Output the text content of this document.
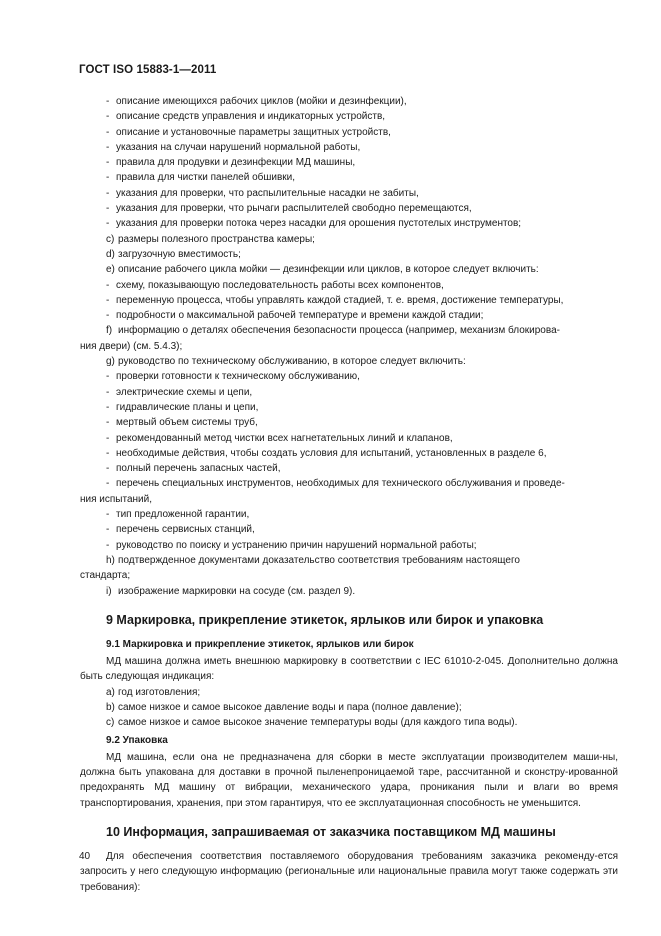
ГОСТ ISO 15883-1—2011

- описание имеющихся рабочих циклов (мойки и дезинфекции),

- описание средств управления и индикаторных устройств,

- описание и установочные параметры защитных устройств,

- указания на случаи нарушений нормальной работы,

- правила для продувки и дезинфекции МД машины,

- правила для чистки панелей обшивки,

- указания для проверки, что распылительные насадки не забиты,

- указания для проверки, что рычаги распылителей свободно перемещаются,

- указания для проверки потока через насадки для орошения пустотелых инструментов;

c) размеры полезного пространства камеры;

d) загрузочную вместимость;

e) описание рабочего цикла мойки — дезинфекции или циклов, в которое следует включить:

- схему, показывающую последовательность работы всех компонентов,

- переменную процесса, чтобы управлять каждой стадией, т. е. время, достижение температуры,

- подробности о максимальной рабочей температуре и времени каждой стадии;

f) информацию о деталях обеспечения безопасности процесса (например, механизм блокирова-

ния двери) (см. 5.4.3);

g) руководство по техническому обслуживанию, в которое следует включить:

- проверки готовности к техническому обслуживанию,

- электрические схемы и цепи,

- гидравлические планы и цепи,

- мертвый объем системы труб,

- рекомендованный метод чистки всех нагнетательных линий и клапанов,

- необходимые действия, чтобы создать условия для испытаний, установленных в разделе 6,

- полный перечень запасных частей,

- перечень специальных инструментов, необходимых для технического обслуживания и проведе-

ния испытаний,

- тип предложенной гарантии,

- перечень сервисных станций,

- руководство по поиску и устранению причин нарушений нормальной работы;

h) подтвержденное документами доказательство соответствия требованиям настоящего

стандарта;

i) изображение маркировки на сосуде (см. раздел 9).

9 Маркировка, прикрепление этикеток, ярлыков или бирок и упаковка
9.1 Маркировка и прикрепление этикеток, ярлыков или бирок

МД машина должна иметь внешнюю маркировку в соответствии с IEC 61010-2-045. Дополнительно должна быть следующая индикация:

a) год изготовления;

b) самое низкое и самое высокое давление воды и пара (полное давление);

c) самое низкое и самое высокое значение температуры воды (для каждого типа воды).

9.2 Упаковка

МД машина, если она не предназначена для сборки в месте эксплуатации производителем маши-ны, должна быть упакована для доставки в прочной пыленепроницаемой таре, рассчитанной и сконстру-ированной предохранять МД машину от вибрации, механического удара, проникания пыли и влаги во время транспортирования, хранения, при этом гарантируя, что ее эксплуатационная способность не уменьшится.

10 Информация, запрашиваемая от заказчика поставщиком МД машины

Для обеспечения соответствия поставляемого оборудования требованиям заказчика рекоменду-ется запросить у него следующую информацию (региональные или национальные правила могут также содержать эти требования):

40
